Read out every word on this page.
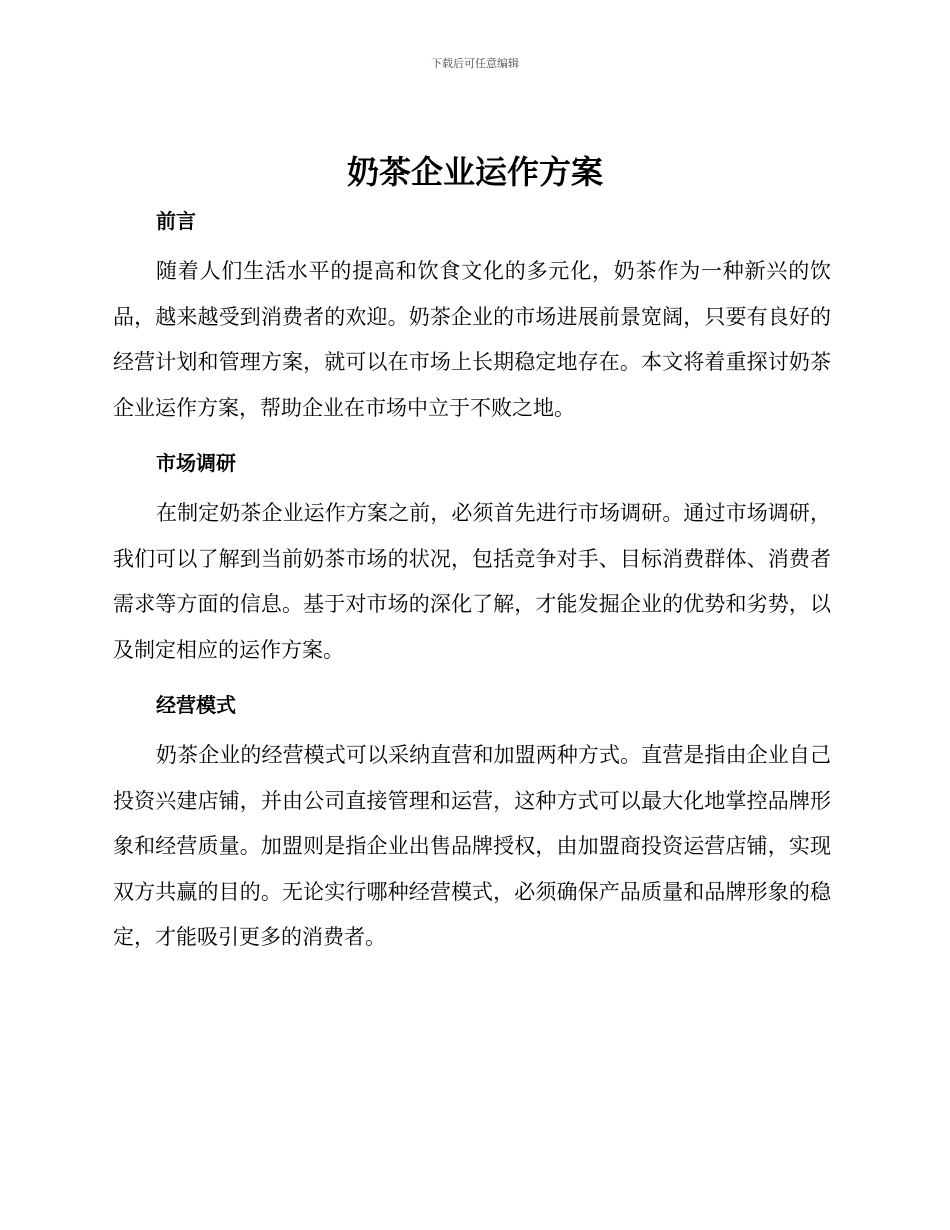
下载后可任意编辑
奶茶企业运作方案
前言

随着人们生活水平的提高和饮食文化的多元化，奶茶作为一种新兴的饮品，越来越受到消费者的欢迎。奶茶企业的市场进展前景宽阔，只要有良好的经营计划和管理方案，就可以在市场上长期稳定地存在。本文将着重探讨奶茶企业运作方案，帮助企业在市场中立于不败之地。

市场调研

在制定奶茶企业运作方案之前，必须首先进行市场调研。通过市场调研，我们可以了解到当前奶茶市场的状况，包括竞争对手、目标消费群体、消费者需求等方面的信息。基于对市场的深化了解，才能发掘企业的优势和劣势，以及制定相应的运作方案。

经营模式

奶茶企业的经营模式可以采纳直营和加盟两种方式。直营是指由企业自己投资兴建店铺，并由公司直接管理和运营，这种方式可以最大化地掌控品牌形象和经营质量。加盟则是指企业出售品牌授权，由加盟商投资运营店铺，实现双方共赢的目的。无论实行哪种经营模式，必须确保产品质量和品牌形象的稳定，才能吸引更多的消费者。
